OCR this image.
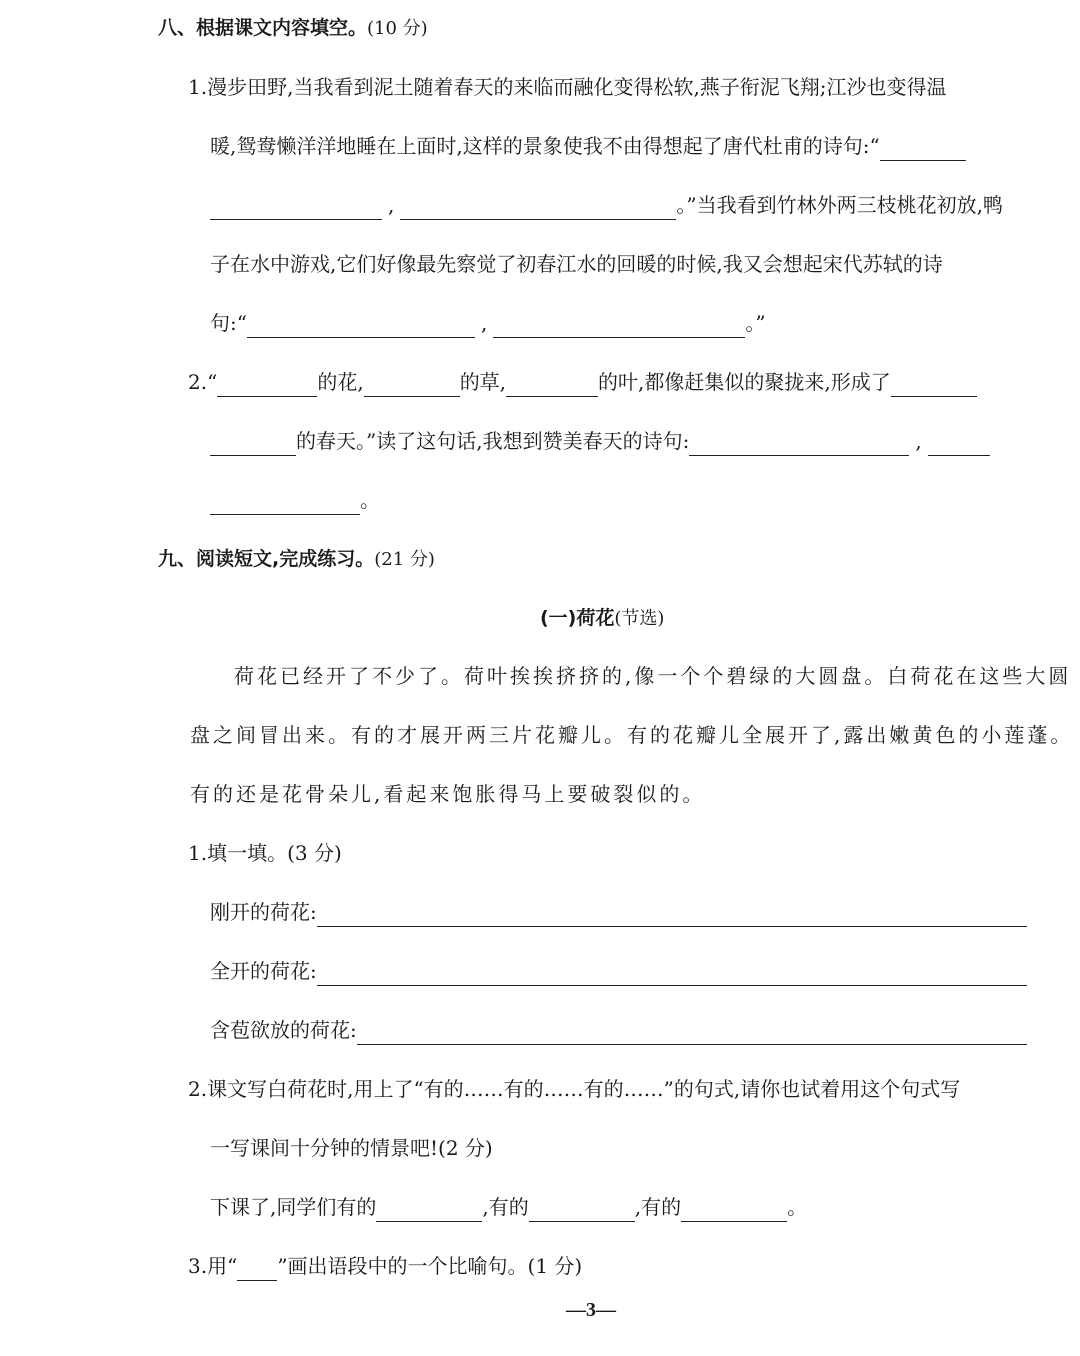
八、根据课文内容填空。(10 分)
1.漫步田野,当我看到泥土随着春天的来临而融化变得松软,燕子衔泥飞翔;江沙也变得温
暖,鸳鸯懒洋洋地睡在上面时,这样的景象使我不由得想起了唐代杜甫的诗句:“
,	。”当我看到竹林外两三枝桃花初放,鸭
子在水中游戏,它们好像最先察觉了初春江水的回暖的时候,我又会想起宋代苏轼的诗
句:“	,	。”
2.“	的花,	的草,	的叶,都像赶集似的聚拢来,形成了
的春天。”读了这句话,我想到赞美春天的诗句:	,
。
九、阅读短文,完成练习。(21 分)
(一)荷花(节选)
荷花已经开了不少了。荷叶挨挨挤挤的,像一个个碧绿的大圆盘。白荷花在这些大圆
盘之间冒出来。有的才展开两三片花瓣儿。有的花瓣儿全展开了,露出嫩黄色的小莲蓬。
有的还是花骨朵儿,看起来饱胀得马上要破裂似的。
1.填一填。(3 分)
刚开的荷花:
全开的荷花:
含苞欲放的荷花:
2.课文写白荷花时,用上了“有的……有的……有的……”的句式,请你也试着用这个句式写
一写课间十分钟的情景吧!(2 分)
下课了,同学们有的	,有的	,有的	。
3.用“ ”画出语段中的一个比喻句。(1 分)
—3—
